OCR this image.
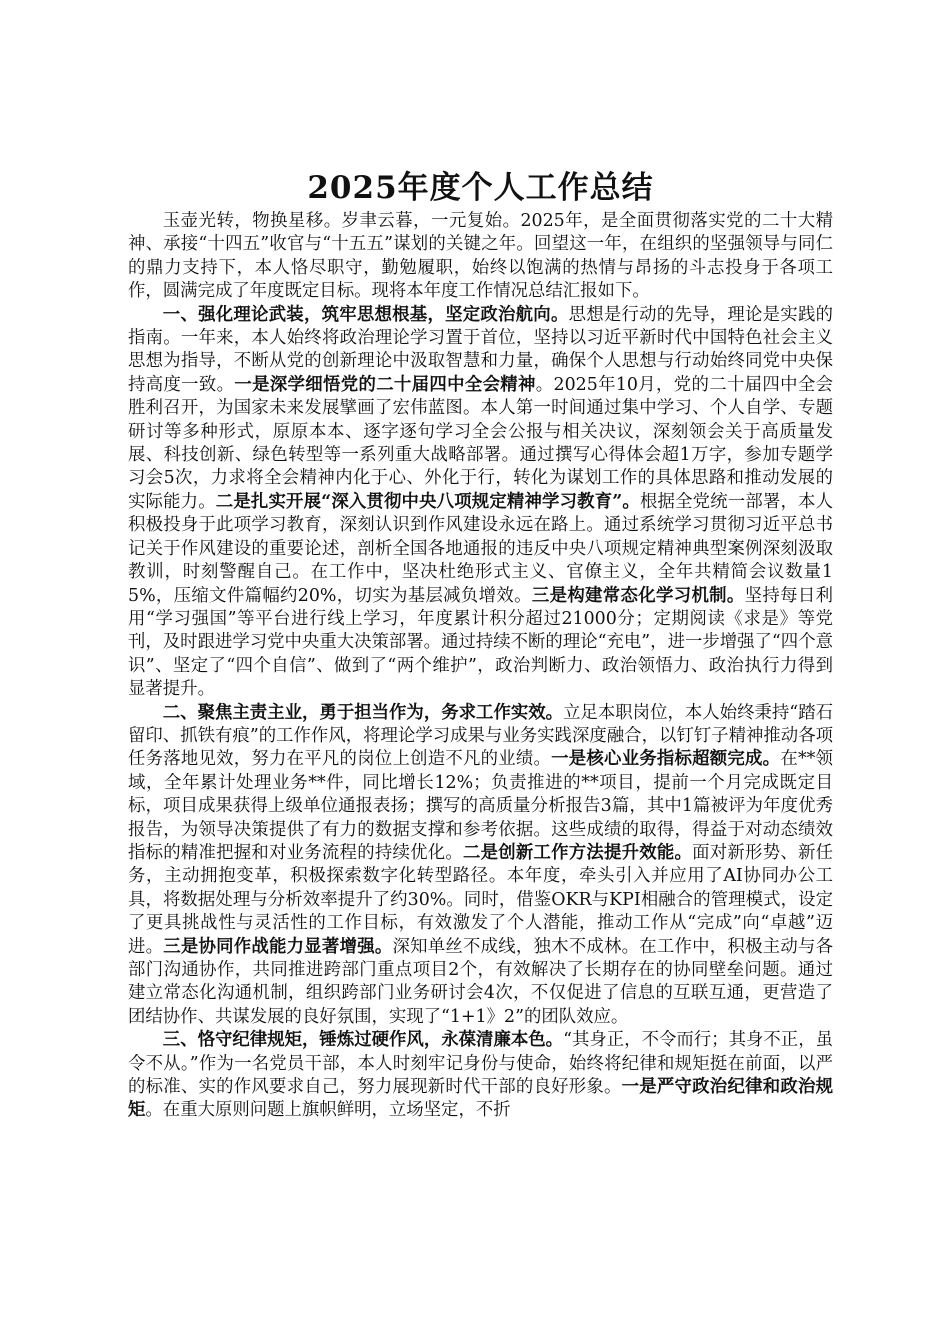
2025年度个人工作总结

玉壶光转，物换星移。岁聿云暮，一元复始。2025年，是全面贯彻落实党的二十大精神、承接“十四五”收官与“十五五”谋划的关键之年。回望这一年，在组织的坚强领导与同仁的鼎力支持下，本人恪尽职守，勤勉履职，始终以饱满的热情与昂扬的斗志投身于各项工作，圆满完成了年度既定目标。现将本年度工作情况总结汇报如下。

一、强化理论武装，筑牢思想根基，坚定政治航向。思想是行动的先导，理论是实践的指南。一年来，本人始终将政治理论学习置于首位，坚持以习近平新时代中国特色社会主义思想为指导，不断从党的创新理论中汲取智慧和力量，确保个人思想与行动始终同党中央保持高度一致。一是深学细悟党的二十届四中全会精神。2025年10月，党的二十届四中全会胜利召开，为国家未来发展擘画了宏伟蓝图。本人第一时间通过集中学习、个人自学、专题研讨等多种形式，原原本本、逐字逐句学习全会公报与相关决议，深刻领会关于高质量发展、科技创新、绿色转型等一系列重大战略部署。通过撰写心得体会超1万字，参加专题学习会5次，力求将全会精神内化于心、外化于行，转化为谋划工作的具体思路和推动发展的实际能力。二是扎实开展“深入贯彻中央八项规定精神学习教育”。根据全党统一部署，本人积极投身于此项学习教育，深刻认识到作风建设永远在路上。通过系统学习贯彻习近平总书记关于作风建设的重要论述，剖析全国各地通报的违反中央八项规定精神典型案例深刻汲取教训，时刻警醒自己。在工作中，坚决杜绝形式主义、官僚主义，全年共精简会议数量15%，压缩文件篇幅约20%，切实为基层减负增效。三是构建常态化学习机制。坚持每日利用“学习强国”等平台进行线上学习，年度累计积分超过21000分；定期阅读《求是》等党刊，及时跟进学习党中央重大决策部署。通过持续不断的理论“充电”，进一步增强了“四个意识”、坚定了“四个自信”、做到了“两个维护”，政治判断力、政治领悟力、政治执行力得到显著提升。

二、聚焦主责主业，勇于担当作为，务求工作实效。立足本职岗位，本人始终秉持“踏石留印、抓铁有痕”的工作作风，将理论学习成果与业务实践深度融合，以钉钉子精神推动各项任务落地见效，努力在平凡的岗位上创造不凡的业绩。一是核心业务指标超额完成。在**领域，全年累计处理业务**件，同比增长12%；负责推进的**项目，提前一个月完成既定目标，项目成果获得上级单位通报表扬；撰写的高质量分析报告3篇，其中1篇被评为年度优秀报告，为领导决策提供了有力的数据支撑和参考依据。这些成绩的取得，得益于对动态绩效指标的精准把握和对业务流程的持续优化。二是创新工作方法提升效能。面对新形势、新任务，主动拥抱变革，积极探索数字化转型路径。本年度，牵头引入并应用了AI协同办公工具，将数据处理与分析效率提升了约30%。同时，借鉴OKR与KPI相融合的管理模式，设定了更具挑战性与灵活性的工作目标，有效激发了个人潜能，推动工作从“完成”向“卓越”迈进。三是协同作战能力显著增强。深知单丝不成线，独木不成林。在工作中，积极主动与各部门沟通协作，共同推进跨部门重点项目2个，有效解决了长期存在的协同壁垒问题。通过建立常态化沟通机制，组织跨部门业务研讨会4次，不仅促进了信息的互联互通，更营造了团结协作、共谋发展的良好氛围，实现了“1+1》2”的团队效应。

三、恪守纪律规矩，锤炼过硬作风，永葆清廉本色。“其身正，不令而行；其身不正，虽令不从。”作为一名党员干部，本人时刻牢记身份与使命，始终将纪律和规矩挺在前面，以严的标准、实的作风要求自己，努力展现新时代干部的良好形象。一是严守政治纪律和政治规矩。在重大原则问题上旗帜鲜明，立场坚定，不折
